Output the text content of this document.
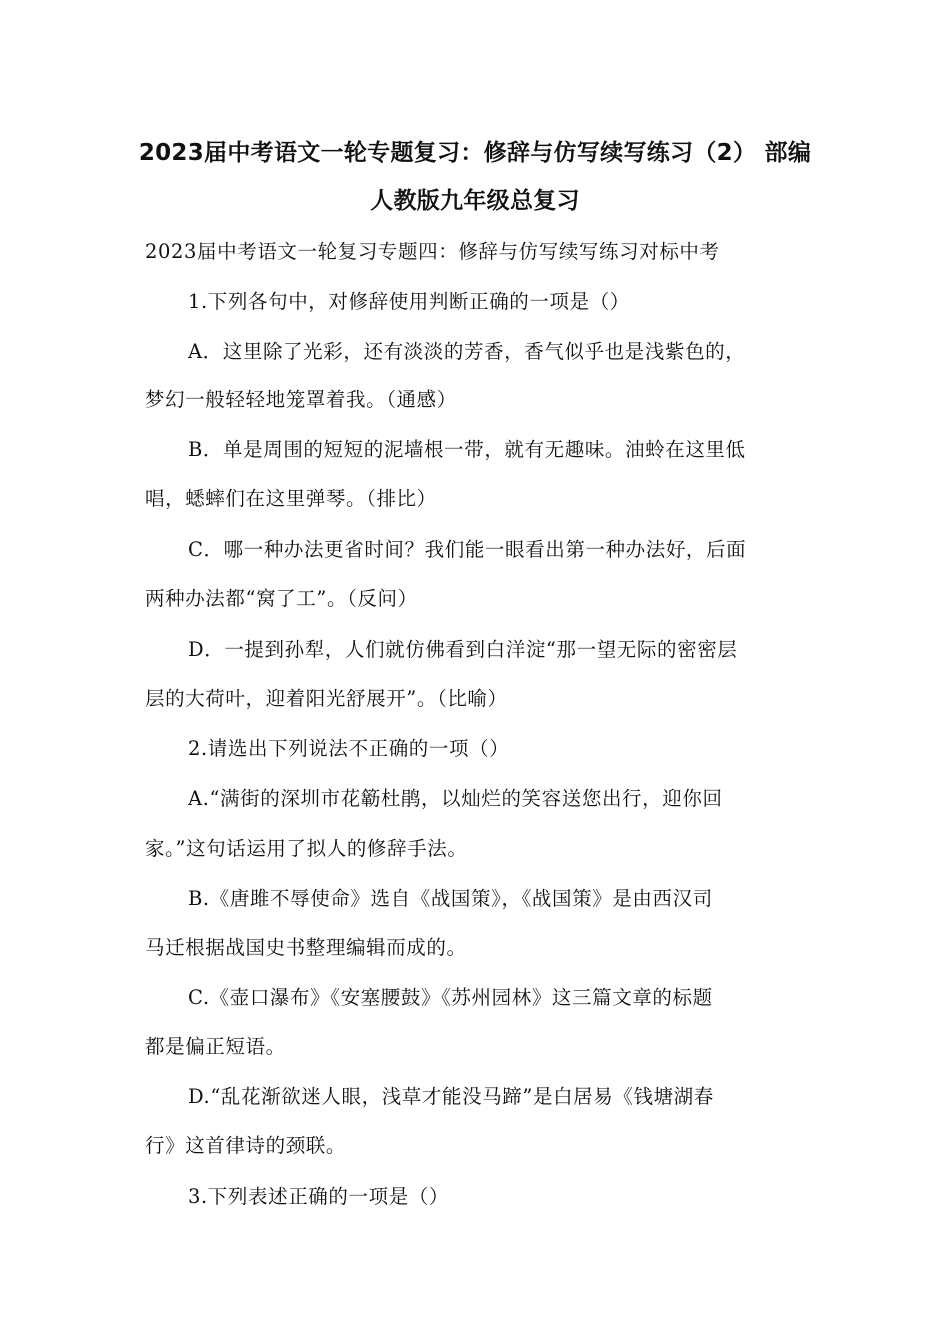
2023届中考语文一轮专题复习：修辞与仿写续写练习（2） 部编
人教版九年级总复习
2023届中考语文一轮复习专题四：修辞与仿写续写练习对标中考
1.下列各句中，对修辞使用判断正确的一项是（）
A．这里除了光彩，还有淡淡的芳香，香气似乎也是浅紫色的，
梦幻一般轻轻地笼罩着我。（通感）
B．单是周围的短短的泥墙根一带，就有无趣味。油蛉在这里低
唱，蟋蟀们在这里弹琴。（排比）
C．哪一种办法更省时间？我们能一眼看出第一种办法好，后面
两种办法都“窝了工”。（反问）
D．一提到孙犁，人们就仿佛看到白洋淀“那一望无际的密密层
层的大荷叶，迎着阳光舒展开”。（比喻）
2.请选出下列说法不正确的一项（）
A.“满街的深圳市花簕杜鹃，以灿烂的笑容送您出行，迎你回
家。”这句话运用了拟人的修辞手法。
B.《唐雎不辱使命》选自《战国策》，《战国策》是由西汉司
马迁根据战国史书整理编辑而成的。
C.《壶口瀑布》《安塞腰鼓》《苏州园林》这三篇文章的标题
都是偏正短语。
D.“乱花渐欲迷人眼，浅草才能没马蹄”是白居易《钱塘湖春
行》这首律诗的颈联。
3.下列表述正确的一项是（）
